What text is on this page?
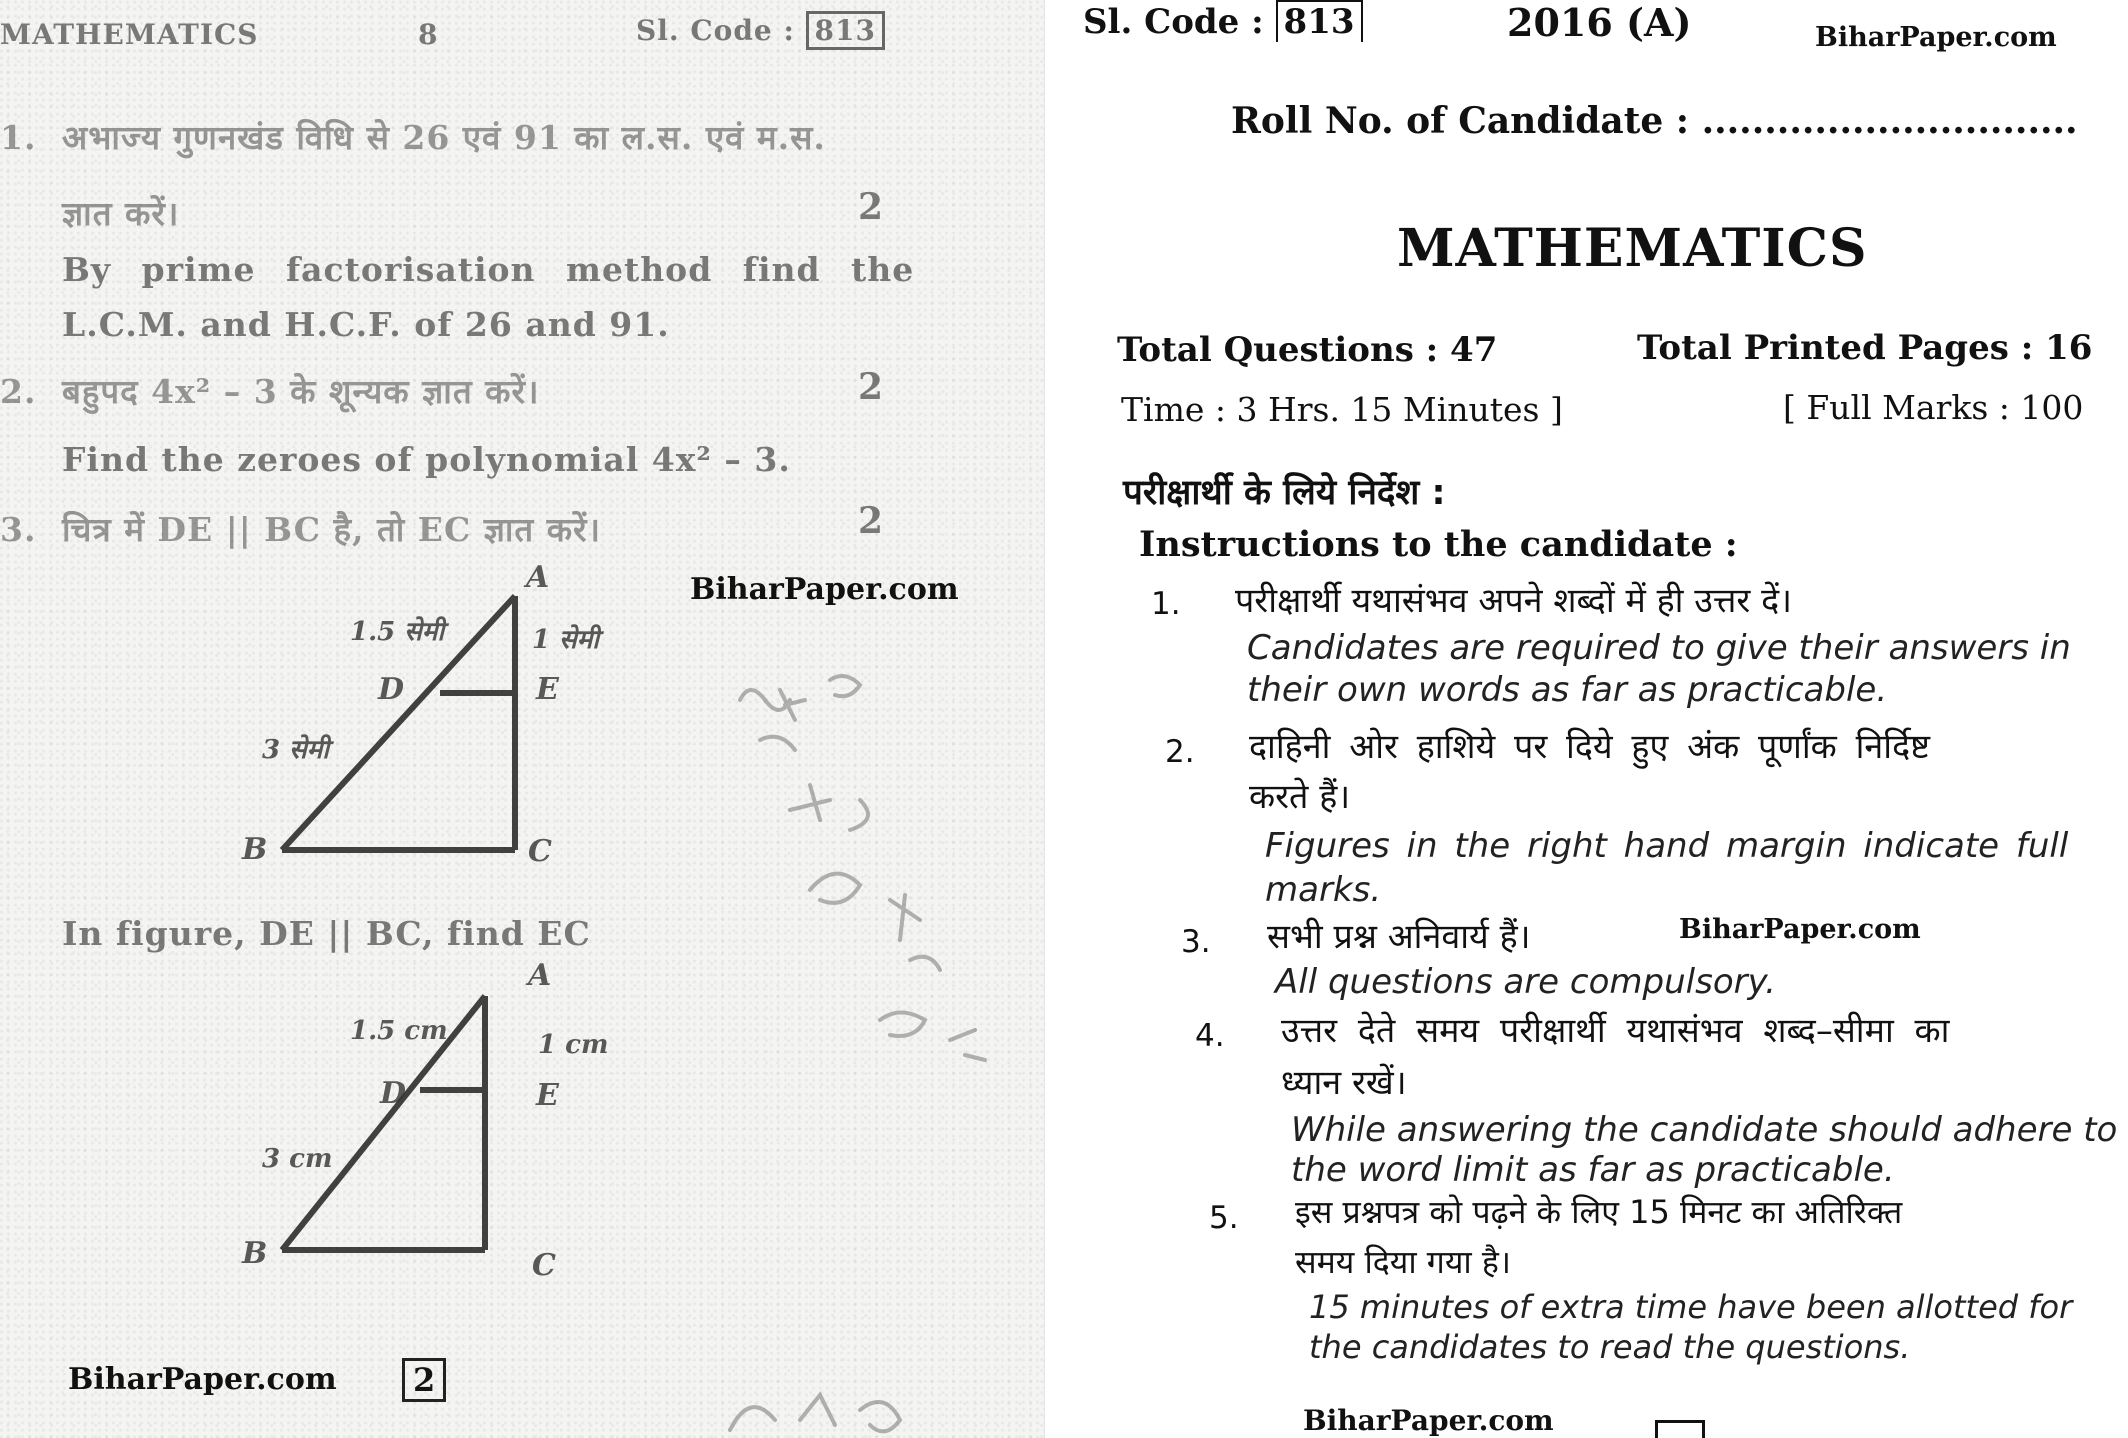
MATHEMATICS	8	Sl. Code : 813
1. अभाज्य गुणनखंड विधि से 26 एवं 91 का ल.स. एवं म.स.
ज्ञात करें।	2
By prime factorisation method find the
L.C.M. and H.C.F. of 26 and 91.
2. बहुपद 4x² – 3 के शून्यक ज्ञात करें।	2
Find the zeroes of polynomial 4x² – 3.
3. चित्र में DE || BC है, तो EC ज्ञात करें।	2
BiharPaper.com
A
B	C
D	E
1.5 सेमी	1 सेमी
3 सेमी
In figure, DE || BC, find EC
A
B	C
D	E
1.5 cm	1 cm
3 cm
BiharPaper.com	2
Sl. Code : 813	2016 (A)	BiharPaper.com
Roll No. of Candidate : ..............................
MATHEMATICS
Total Questions : 47	Total Printed Pages : 16
Time : 3 Hrs. 15 Minutes ]	[ Full Marks : 100
परीक्षार्थी के लिये निर्देश :
Instructions to the candidate :
1. परीक्षार्थी यथासंभव अपने शब्दों में ही उत्तर दें।
Candidates are required to give their answers in
their own words as far as practicable.
2. दाहिनी ओर हाशिये पर दिये हुए अंक पूर्णांक निर्दिष्ट
करते हैं।
Figures in the right hand margin indicate full
marks.
3. सभी प्रश्न अनिवार्य हैं।	BiharPaper.com
All questions are compulsory.
4. उत्तर देते समय परीक्षार्थी यथासंभव शब्द–सीमा का
ध्यान रखें।
While answering the candidate should adhere to
the word limit as far as practicable.
5. इस प्रश्नपत्र को पढ़ने के लिए 15 मिनट का अतिरिक्त
समय दिया गया है।
15 minutes of extra time have been allotted for
the candidates to read the questions.
BiharPaper.com
